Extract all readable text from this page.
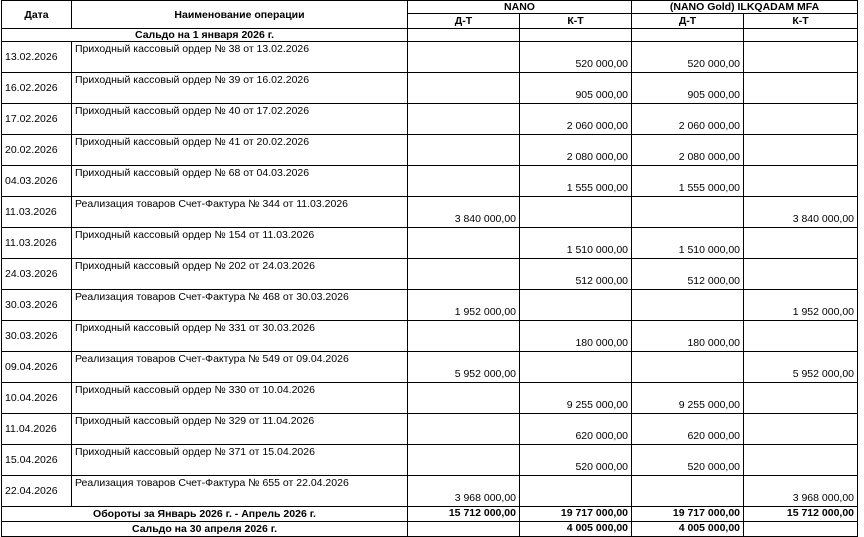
Дата	Наименование операции	NANO		(NANO Gold) ILKQADAM MFA	
		Д-Т	К-Т	Д-Т	К-Т
Сальдо на 1 января 2026 г.					
13.02.2026	Приходный кассовый ордер № 38 от 13.02.2026		520 000,00	520 000,00	
16.02.2026	Приходный кассовый ордер № 39 от 16.02.2026		905 000,00	905 000,00	
17.02.2026	Приходный кассовый ордер № 40 от 17.02.2026		2 060 000,00	2 060 000,00	
20.02.2026	Приходный кассовый ордер № 41 от 20.02.2026		2 080 000,00	2 080 000,00	
04.03.2026	Приходный кассовый ордер № 68 от 04.03.2026		1 555 000,00	1 555 000,00	
11.03.2026	Реализация товаров Счет-Фактура № 344 от 11.03.2026	3 840 000,00			3 840 000,00
11.03.2026	Приходный кассовый ордер № 154 от 11.03.2026		1 510 000,00	1 510 000,00	
24.03.2026	Приходный кассовый ордер № 202 от 24.03.2026		512 000,00	512 000,00	
30.03.2026	Реализация товаров Счет-Фактура № 468 от 30.03.2026	1 952 000,00			1 952 000,00
30.03.2026	Приходный кассовый ордер № 331 от 30.03.2026		180 000,00	180 000,00	
09.04.2026	Реализация товаров Счет-Фактура № 549 от 09.04.2026	5 952 000,00			5 952 000,00
10.04.2026	Приходный кассовый ордер № 330 от 10.04.2026		9 255 000,00	9 255 000,00	
11.04.2026	Приходный кассовый ордер № 329 от 11.04.2026		620 000,00	620 000,00	
15.04.2026	Приходный кассовый ордер № 371 от 15.04.2026		520 000,00	520 000,00	
22.04.2026	Реализация товаров Счет-Фактура № 655 от 22.04.2026	3 968 000,00			3 968 000,00
Обороты за Январь 2026 г. - Апрель 2026 г.		15 712 000,00	19 717 000,00	19 717 000,00	15 712 000,00
Сальдо на 30 апреля 2026 г.			4 005 000,00	4 005 000,00	
